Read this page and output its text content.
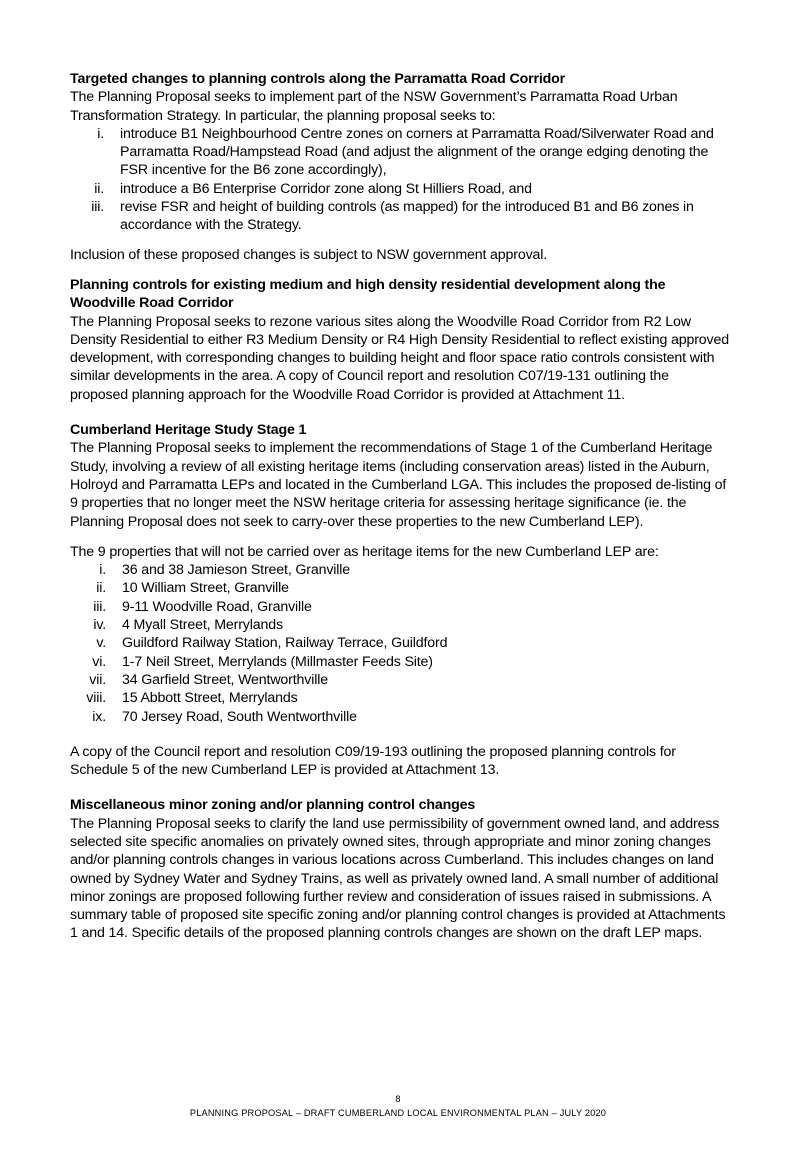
Targeted changes to planning controls along the Parramatta Road Corridor

The Planning Proposal seeks to implement part of the NSW Government’s Parramatta Road Urban Transformation Strategy. In particular, the planning proposal seeks to:

i. introduce B1 Neighbourhood Centre zones on corners at Parramatta Road/Silverwater Road and Parramatta Road/Hampstead Road (and adjust the alignment of the orange edging denoting the FSR incentive for the B6 zone accordingly),
ii. introduce a B6 Enterprise Corridor zone along St Hilliers Road, and
iii. revise FSR and height of building controls (as mapped) for the introduced B1 and B6 zones in accordance with the Strategy.

Inclusion of these proposed changes is subject to NSW government approval.

Planning controls for existing medium and high density residential development along the Woodville Road Corridor

The Planning Proposal seeks to rezone various sites along the Woodville Road Corridor from R2 Low Density Residential to either R3 Medium Density or R4 High Density Residential to reflect existing approved development, with corresponding changes to building height and floor space ratio controls consistent with similar developments in the area. A copy of Council report and resolution C07/19-131 outlining the proposed planning approach for the Woodville Road Corridor is provided at Attachment 11.

Cumberland Heritage Study Stage 1

The Planning Proposal seeks to implement the recommendations of Stage 1 of the Cumberland Heritage Study, involving a review of all existing heritage items (including conservation areas) listed in the Auburn, Holroyd and Parramatta LEPs and located in the Cumberland LGA. This includes the proposed de-listing of 9 properties that no longer meet the NSW heritage criteria for assessing heritage significance (ie. the Planning Proposal does not seek to carry-over these properties to the new Cumberland LEP).

The 9 properties that will not be carried over as heritage items for the new Cumberland LEP are:

i. 36 and 38 Jamieson Street, Granville
ii. 10 William Street, Granville
iii. 9-11 Woodville Road, Granville
iv. 4 Myall Street, Merrylands
v. Guildford Railway Station, Railway Terrace, Guildford
vi. 1-7 Neil Street, Merrylands (Millmaster Feeds Site)
vii. 34 Garfield Street, Wentworthville
viii. 15 Abbott Street, Merrylands
ix. 70 Jersey Road, South Wentworthville

A copy of the Council report and resolution C09/19-193 outlining the proposed planning controls for Schedule 5 of the new Cumberland LEP is provided at Attachment 13.

Miscellaneous minor zoning and/or planning control changes

The Planning Proposal seeks to clarify the land use permissibility of government owned land, and address selected site specific anomalies on privately owned sites, through appropriate and minor zoning changes and/or planning controls changes in various locations across Cumberland. This includes changes on land owned by Sydney Water and Sydney Trains, as well as privately owned land. A small number of additional minor zonings are proposed following further review and consideration of issues raised in submissions. A summary table of proposed site specific zoning and/or planning control changes is provided at Attachments 1 and 14. Specific details of the proposed planning controls changes are shown on the draft LEP maps.

8
PLANNING PROPOSAL – DRAFT CUMBERLAND LOCAL ENVIRONMENTAL PLAN – JULY 2020
